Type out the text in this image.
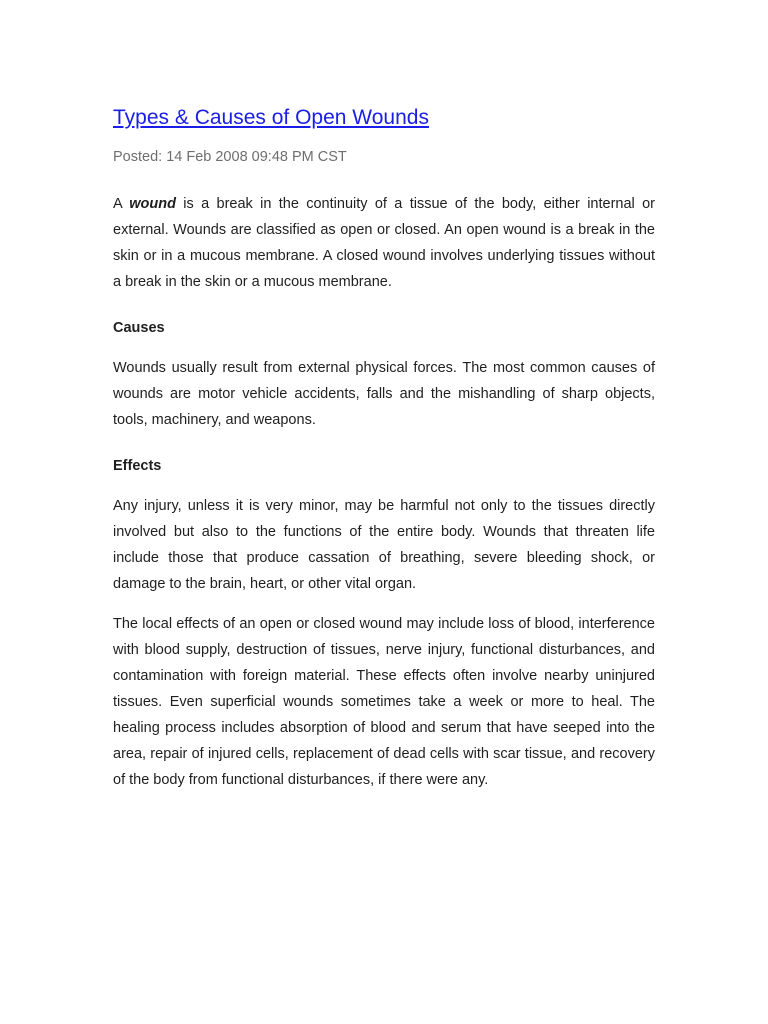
Types & Causes of Open Wounds

Posted: 14 Feb 2008 09:48 PM CST

A wound is a break in the continuity of a tissue of the body, either internal or external. Wounds are classified as open or closed. An open wound is a break in the skin or in a mucous membrane. A closed wound involves underlying tissues without a break in the skin or a mucous membrane.

Causes

Wounds usually result from external physical forces. The most common causes of wounds are motor vehicle accidents, falls and the mishandling of sharp objects, tools, machinery, and weapons.

Effects

Any injury, unless it is very minor, may be harmful not only to the tissues directly involved but also to the functions of the entire body. Wounds that threaten life include those that produce cassation of breathing, severe bleeding shock, or damage to the brain, heart, or other vital organ.

The local effects of an open or closed wound may include loss of blood, interference with blood supply, destruction of tissues, nerve injury, functional disturbances, and contamination with foreign material. These effects often involve nearby uninjured tissues. Even superficial wounds sometimes take a week or more to heal. The healing process includes absorption of blood and serum that have seeped into the area, repair of injured cells, replacement of dead cells with scar tissue, and recovery of the body from functional disturbances, if there were any.
